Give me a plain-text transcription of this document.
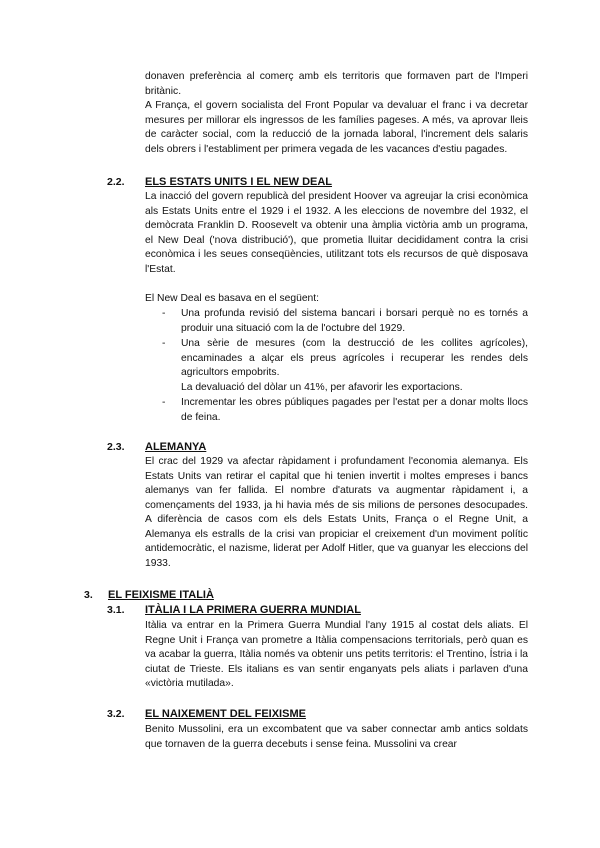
donaven preferència al comerç amb els territoris que formaven part de l'Imperi britànic.

A França, el govern socialista del Front Popular va devaluar el franc i va decretar mesures per millorar els ingressos de les famílies pageses. A més, va aprovar lleis de caràcter social, com la reducció de la jornada laboral, l'increment dels salaris dels obrers i l'establiment per primera vegada de les vacances d'estiu pagades.

2.2. ELS ESTATS UNITS I EL NEW DEAL

La inacció del govern republicà del president Hoover va agreujar la crisi econòmica als Estats Units entre el 1929 i el 1932. A les eleccions de novembre del 1932, el demòcrata Franklin D. Roosevelt va obtenir una àmplia victòria amb un programa, el New Deal ('nova distribució'), que prometia lluitar decididament contra la crisi econòmica i les seues conseqüències, utilitzant tots els recursos de què disposava l'Estat.

El New Deal es basava en el següent:

- Una profunda revisió del sistema bancari i borsari perquè no es tornés a produir una situació com la de l'octubre del 1929.
- Una sèrie de mesures (com la destrucció de les collites agrícoles), encaminades a alçar els preus agrícoles i recuperar les rendes dels agricultors empobrits.
La devaluació del dòlar un 41%, per afavorir les exportacions.
- Incrementar les obres públiques pagades per l'estat per a donar molts llocs de feina.
2.3. ALEMANYA

El crac del 1929 va afectar ràpidament i profundament l'economia alemanya. Els Estats Units van retirar el capital que hi tenien invertit i moltes empreses i bancs alemanys van fer fallida. El nombre d'aturats va augmentar ràpidament i, a començaments del 1933, ja hi havia més de sis milions de persones desocupades. A diferència de casos com els dels Estats Units, França o el Regne Unit, a Alemanya els estralls de la crisi van propiciar el creixement d'un moviment polític antidemocràtic, el nazisme, liderat per Adolf Hitler, que va guanyar les eleccions del 1933.

3. EL FEIXISME ITALIÀ
3.1. ITÀLIA I LA PRIMERA GUERRA MUNDIAL

Itàlia va entrar en la Primera Guerra Mundial l'any 1915 al costat dels aliats. El Regne Unit i França van prometre a Itàlia compensacions territorials, però quan es va acabar la guerra, Itàlia només va obtenir uns petits territoris: el Trentino, Ístria i la ciutat de Trieste. Els italians es van sentir enganyats pels aliats i parlaven d'una «victòria mutilada».

3.2. EL NAIXEMENT DEL FEIXISME

Benito Mussolini, era un excombatent que va saber connectar amb antics soldats que tornaven de la guerra decebuts i sense feina. Mussolini va crear
